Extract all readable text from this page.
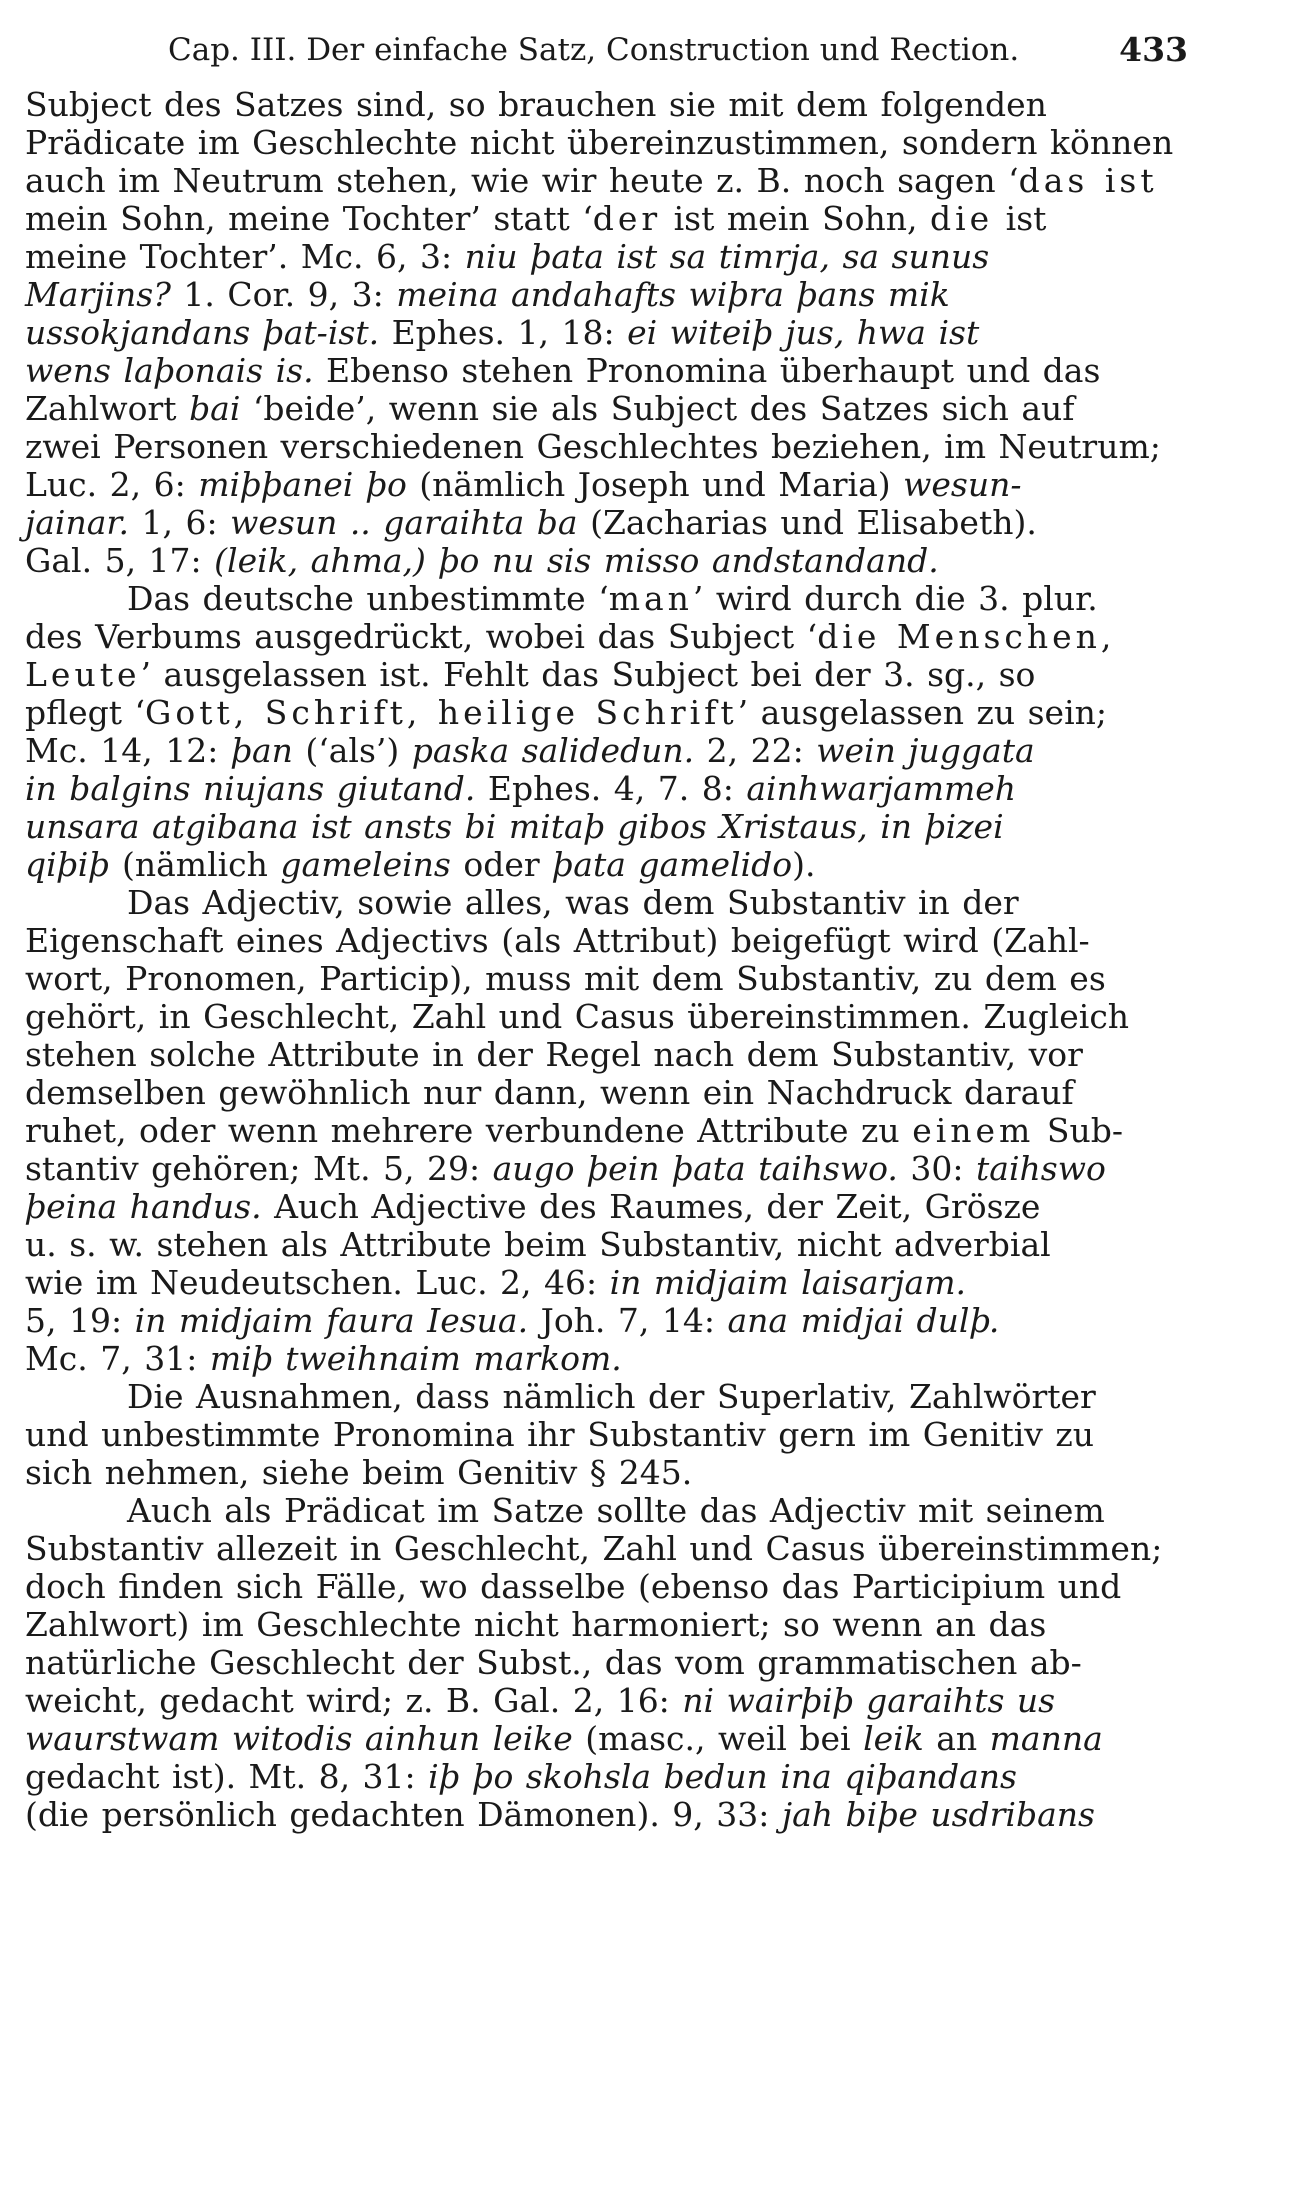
Cap. III. Der einfache Satz, Construction und Rection.	433
Subject des Satzes sind, so brauchen sie mit dem folgenden
Prädicate im Geschlechte nicht übereinzustimmen, sondern können
auch im Neutrum stehen, wie wir heute z. B. noch sagen ‘das ist
mein Sohn, meine Tochter’ statt ‘der ist mein Sohn, die ist
meine Tochter’. Mc. 6, 3: niu þata ist sa timrja, sa sunus
Marjins? 1. Cor. 9, 3: meina andahafts wiþra þans mik
ussokjandans þat-ist. Ephes. 1, 18: ei witeiþ jus, hwa ist
wens laþonais is. Ebenso stehen Pronomina überhaupt und das
Zahlwort bai ‘beide’, wenn sie als Subject des Satzes sich auf
zwei Personen verschiedenen Geschlechtes beziehen, im Neutrum;
Luc. 2, 6: miþþanei þo (nämlich Joseph und Maria) wesun-
jainar. 1, 6: wesun .. garaihta ba (Zacharias und Elisabeth).
Gal. 5, 17: (leik, ahma,) þo nu sis misso andstandand.
Das deutsche unbestimmte ‘man’ wird durch die 3. plur.
des Verbums ausgedrückt, wobei das Subject ‘die Menschen,
Leute’ ausgelassen ist. Fehlt das Subject bei der 3. sg., so
pflegt ‘Gott, Schrift, heilige Schrift’ ausgelassen zu sein;
Mc. 14, 12: þan (‘als’) paska salidedun. 2, 22: wein juggata
in balgins niujans giutand. Ephes. 4, 7. 8: ainhwarjammeh
unsara atgibana ist ansts bi mitaþ gibos Xristaus, in þizei
qiþiþ (nämlich gameleins oder þata gamelido).
Das Adjectiv, sowie alles, was dem Substantiv in der
Eigenschaft eines Adjectivs (als Attribut) beigefügt wird (Zahl-
wort, Pronomen, Particip), muss mit dem Substantiv, zu dem es
gehört, in Geschlecht, Zahl und Casus übereinstimmen. Zugleich
stehen solche Attribute in der Regel nach dem Substantiv, vor
demselben gewöhnlich nur dann, wenn ein Nachdruck darauf
ruhet, oder wenn mehrere verbundene Attribute zu einem Sub-
stantiv gehören; Mt. 5, 29: augo þein þata taihswo. 30: taihswo
þeina handus. Auch Adjective des Raumes, der Zeit, Grösze
u. s. w. stehen als Attribute beim Substantiv, nicht adverbial
wie im Neudeutschen. Luc. 2, 46: in midjaim laisarjam.
5, 19: in midjaim faura Iesua. Joh. 7, 14: ana midjai dulþ.
Mc. 7, 31: miþ tweihnaim markom.
Die Ausnahmen, dass nämlich der Superlativ, Zahlwörter
und unbestimmte Pronomina ihr Substantiv gern im Genitiv zu
sich nehmen, siehe beim Genitiv § 245.
Auch als Prädicat im Satze sollte das Adjectiv mit seinem
Substantiv allezeit in Geschlecht, Zahl und Casus übereinstimmen;
doch finden sich Fälle, wo dasselbe (ebenso das Participium und
Zahlwort) im Geschlechte nicht harmoniert; so wenn an das
natürliche Geschlecht der Subst., das vom grammatischen ab-
weicht, gedacht wird; z. B. Gal. 2, 16: ni wairþiþ garaihts us
waurstwam witodis ainhun leike (masc., weil bei leik an manna
gedacht ist). Mt. 8, 31: iþ þo skohsla bedun ina qiþandans
(die persönlich gedachten Dämonen). 9, 33: jah biþe usdribans
